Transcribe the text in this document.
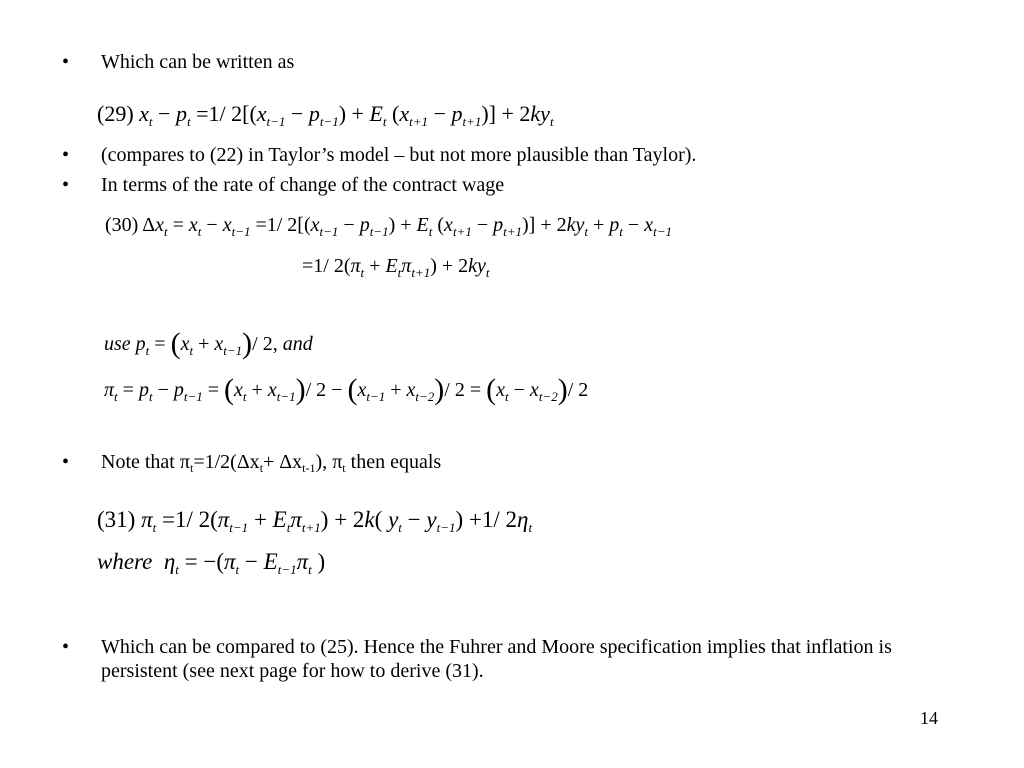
• Which can be written as
(29) $x_t - p_t =1/$ $2[(x_{t-1} - p_{t-1}) + E_t$ $(x_{t+1} - p_{t+1})] + 2ky_t$
• (compares to (22) in Taylor’s model – but not more plausible than Taylor).
• In terms of the rate of change of the contract wage
(30) $\Delta x_t = x_t - x_{t-1} =1/$ $2[(x_{t-1} - p_{t-1}) + E_t$ $(x_{t+1} - p_{t+1})] + 2ky_t + p_t - x_{t-1}$
=1/ $2(\pi_t + E_t\pi_{t+1}) + 2ky_t$
use $p_t = (x_t + x_{t-1})/$ 2, and
$\pi_t = p_t - p_{t-1} = (x_t + x_{t-1})/$ $2 - (x_{t-1} + x_{t-2})/$ $2 = (x_t - x_{t-2})/$ 2
• Note that $\pi_t=1/2(\Delta x_t+ \Delta x_{t-1})$, $\pi_t$ then equals
(31) $\pi_t =1/$ $2(\pi_{t-1} + E_t\pi_{t+1}) + 2k$( $y_t - y_{t-1}) +1/$ $2\eta_t$
where $\eta_t = -(\pi_t - E_{t-1}\pi_t$ )
• Which can be compared to (25). Hence the Fuhrer and Moore specification implies that inflation is persistent (see next page for how to derive (31).
14
